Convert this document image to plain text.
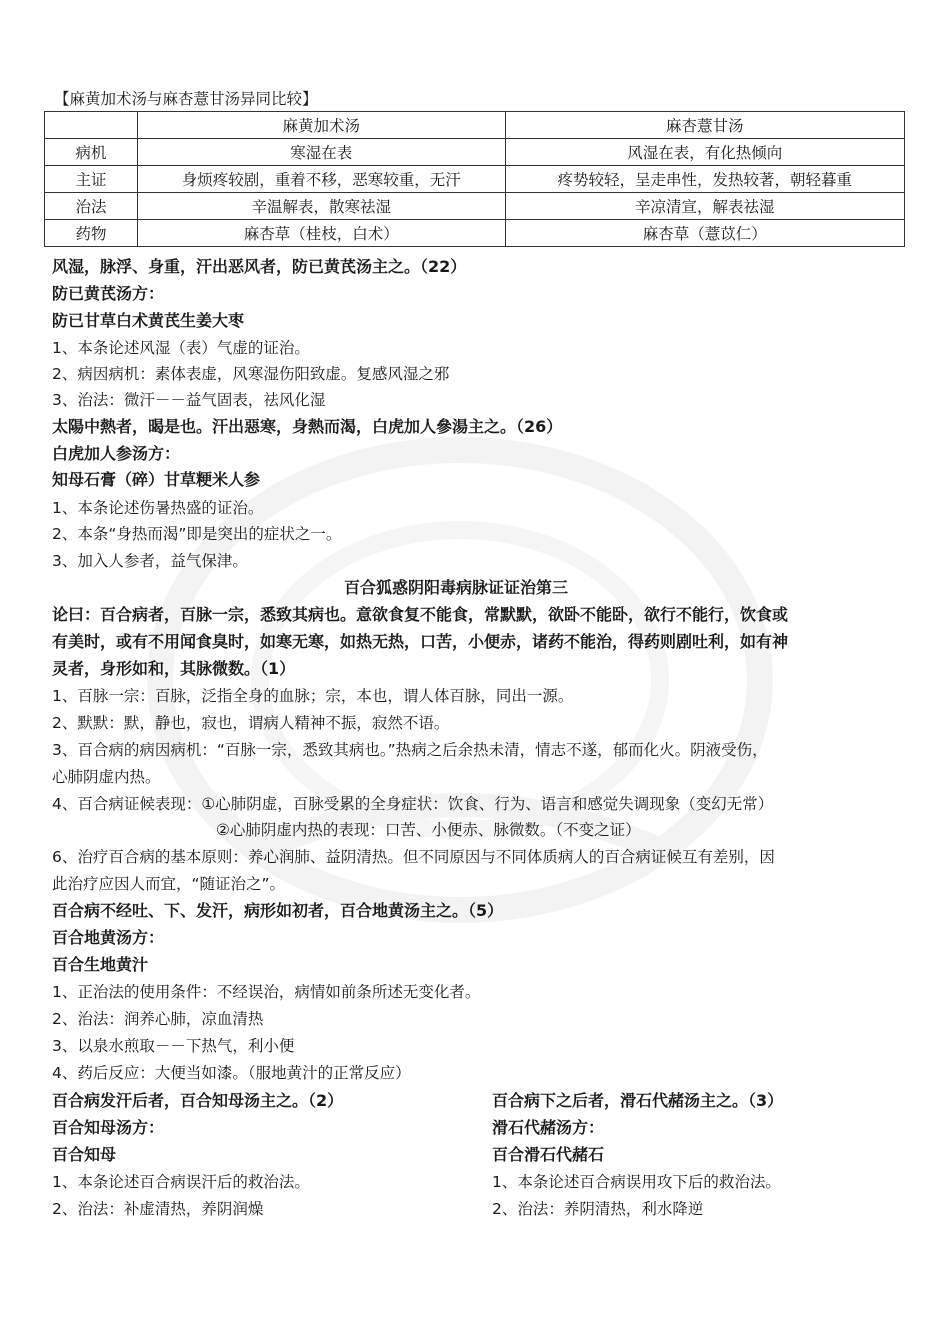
【麻黄加术汤与麻杏薏甘汤异同比较】
	麻黄加术汤	麻杏薏甘汤
病机	寒湿在表	风湿在表，有化热倾向
主证	身烦疼较剧，重着不移，恶寒较重，无汗	疼势较轻，呈走串性，发热较著，朝轻暮重
治法	辛温解表，散寒祛湿	辛凉清宣，解表祛湿
药物	麻杏草（桂枝，白术）	麻杏草（薏苡仁）
风湿，脉浮、身重，汗出恶风者，防已黄芪汤主之。（22）
防已黄芪汤方：
防已甘草白术黄芪生姜大枣
1、本条论述风湿（表）气虚的证治。
2、病因病机：素体表虚，风寒湿伤阳致虚。复感风湿之邪
3、治法：微汗－－益气固表，祛风化湿
太陽中熱者，暍是也。汗出惡寒，身熱而渴，白虎加人參湯主之。（26）
白虎加人参汤方：
知母石膏（碎）甘草粳米人参
1、本条论述伤暑热盛的证治。
2、本条“身热而渴”即是突出的症状之一。
3、加入人参者，益气保津。
百合狐惑阴阳毒病脉证证治第三
论曰：百合病者，百脉一宗，悉致其病也。意欲食复不能食，常默默，欲卧不能卧，欲行不能行，饮食或
有美时，或有不用闻食臭时，如寒无寒，如热无热，口苦，小便赤，诸药不能治，得药则剧吐利，如有神
灵者，身形如和，其脉微数。（1）
1、百脉一宗：百脉，泛指全身的血脉；宗，本也，谓人体百脉，同出一源。
2、默默：默，静也，寂也，谓病人精神不振，寂然不语。
3、百合病的病因病机：“百脉一宗，悉致其病也。”热病之后余热未清，情志不遂，郁而化火。阴液受伤，
心肺阴虚内热。
4、百合病证候表现：①心肺阴虚，百脉受累的全身症状：饮食、行为、语言和感觉失调现象（变幻无常）
②心肺阴虚内热的表现：口苦、小便赤、脉微数。（不变之证）
6、治疗百合病的基本原则：养心润肺、益阴清热。但不同原因与不同体质病人的百合病证候互有差别，因
此治疗应因人而宜，“随证治之”。
百合病不经吐、下、发汗，病形如初者，百合地黄汤主之。（5）
百合地黄汤方：
百合生地黄汁
1、正治法的使用条件：不经误治，病情如前条所述无变化者。
2、治法：润养心肺，凉血清热
3、以泉水煎取－－下热气，利小便
4、药后反应：大便当如漆。（服地黄汁的正常反应）
百合病发汗后者，百合知母汤主之。（2）
百合知母汤方：
百合知母
1、本条论述百合病误汗后的救治法。
2、治法：补虚清热，养阴润燥
百合病下之后者，滑石代赭汤主之。（3）
滑石代赭汤方：
百合滑石代赭石
1、本条论述百合病误用攻下后的救治法。
2、治法：养阴清热，利水降逆
